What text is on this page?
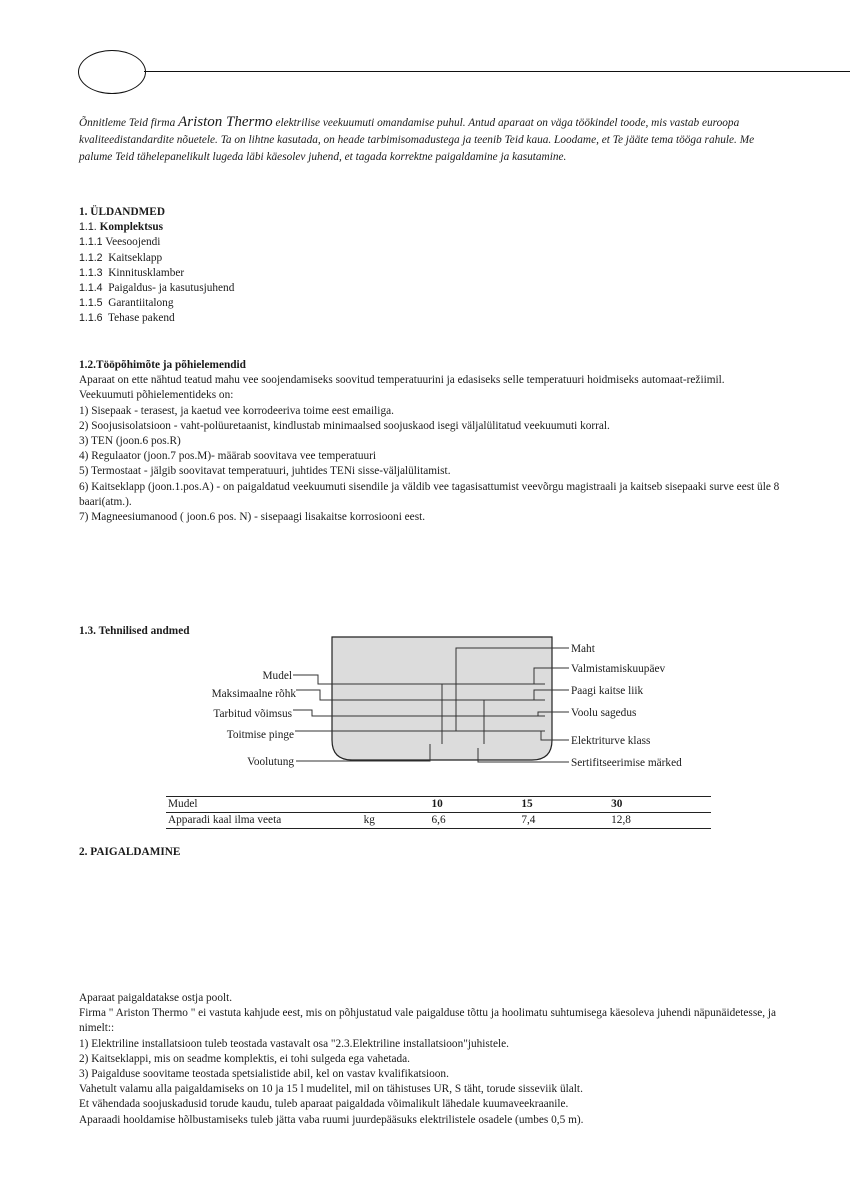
Õnnitleme Teid firma Ariston Thermo elektrilise veekuumuti omandamise puhul. Antud aparaat on väga töökindel toode, mis vastab euroopa kvaliteedistandardite nõuetele. Ta on lihtne kasutada, on heade tarbimisomadustega ja teenib Teid kaua. Loodame, et Te jääte tema tööga rahule. Me palume Teid tähelepanelikult lugeda läbi käesolev juhend, et tagada korrektne paigaldamine ja kasutamine.
1. ÜLDANDMED
1.1. Komplektsus
1.1.1 Veesoojendi
1.1.2 Kaitseklapp
1.1.3 Kinnitusklamber
1.1.4 Paigaldus- ja kasutusjuhend
1.1.5 Garantiitalong
1.1.6 Tehase pakend
1.2.Tööpõhimõte ja põhielemendid
Aparaat on ette nähtud teatud mahu vee soojendamiseks soovitud temperatuurini ja edasiseks selle temperatuuri hoidmiseks automaat-režiimil.
Veekuumuti põhielementideks on:
1) Sisepaak - terasest, ja kaetud vee korrodeeriva toime eest emailiga.
2) Soojusisolatsioon - vaht-polüuretaanist, kindlustab minimaalsed soojuskaod isegi väljalülitatud veekuumuti korral.
3) TEN (joon.6 pos.R)
4) Regulaator (joon.7 pos.M)- määrab soovitava vee temperatuuri
5) Termostaat - jälgib soovitavat temperatuuri, juhtides TENi sisse-väljalülitamist.
6) Kaitseklapp (joon.1.pos.A) - on paigaldatud veekuumuti sisendile ja väldib vee tagasisattumist veevõrgu magistraali ja kaitseb sisepaaki surve eest üle 8 baari(atm.).
7) Magneesiumanood ( joon.6 pos. N) - sisepaagi lisakaitse korrosiooni eest.
1.3. Tehnilised andmed
Mudel
Maksimaalne rõhk
Tarbitud võimsus
Toitmise pinge
Voolutung
Maht
Valmistamiskuupäev
Paagi kaitse liik
Voolu sagedus
Elektriturve klass
Sertifitseerimise märked
Mudel		10	15	30
Apparadi kaal ilma veeta	kg	6,6	7,4	12,8
2. PAIGALDAMINE
Aparaat paigaldatakse ostja poolt.
Firma " Ariston Thermo " ei vastuta kahjude eest, mis on põhjustatud vale paigalduse tõttu ja hoolimatu suhtumisega käesoleva juhendi näpunäidetesse, ja nimelt::
1) Elektriline installatsioon tuleb teostada vastavalt osa "2.3.Elektriline installatsioon"juhistele.
2) Kaitseklappi, mis on seadme komplektis, ei tohi sulgeda ega vahetada.
3) Paigalduse soovitame teostada spetsialistide abil, kel on vastav kvalifikatsioon.
Vahetult valamu alla paigaldamiseks on 10 ja 15 l mudelitel, mil on tähistuses UR, S täht, torude sisseviik ülalt.
Et vähendada soojuskadusid torude kaudu, tuleb aparaat paigaldada võimalikult lähedale kuumaveekraanile.
Aparaadi hooldamise hõlbustamiseks tuleb jätta vaba ruumi juurdepääsuks elektrilistele osadele (umbes 0,5 m).
